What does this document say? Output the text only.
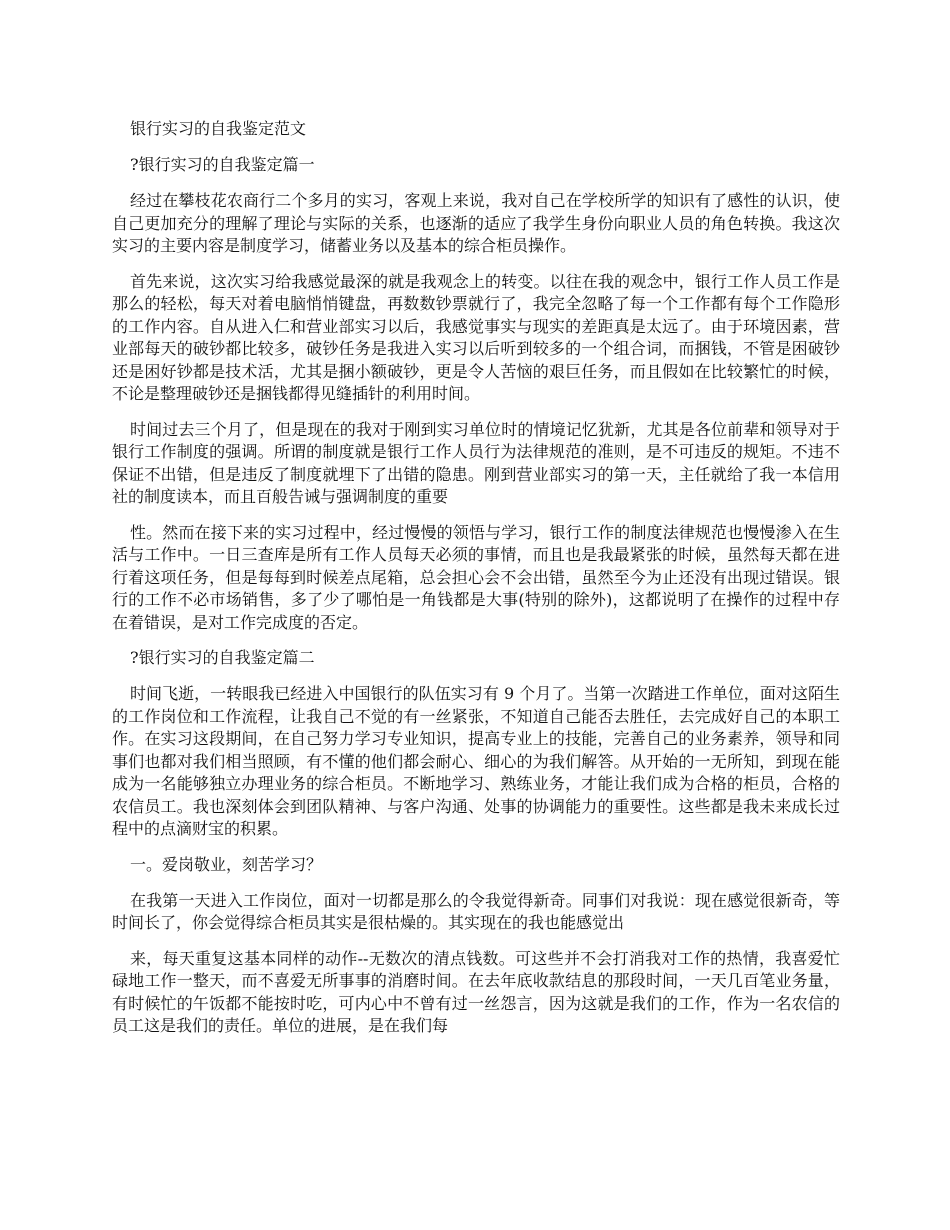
银行实习的自我鉴定范文

?银行实习的自我鉴定篇一

经过在攀枝花农商行二个多月的实习，客观上来说，我对自己在学校所学的知识有了感性的认识，使自己更加充分的理解了理论与实际的关系，也逐渐的适应了我学生身份向职业人员的角色转换。我这次实习的主要内容是制度学习，储蓄业务以及基本的综合柜员操作。

首先来说，这次实习给我感觉最深的就是我观念上的转变。以往在我的观念中，银行工作人员工作是那么的轻松，每天对着电脑悄悄键盘，再数数钞票就行了，我完全忽略了每一个工作都有每个工作隐形的工作内容。自从进入仁和营业部实习以后，我感觉事实与现实的差距真是太远了。由于环境因素，营业部每天的破钞都比较多，破钞任务是我进入实习以后听到较多的一个组合词，而捆钱，不管是困破钞还是困好钞都是技术活，尤其是捆小额破钞，更是令人苦恼的艰巨任务，而且假如在比较繁忙的时候，不论是整理破钞还是捆钱都得见缝插针的利用时间。

时间过去三个月了，但是现在的我对于刚到实习单位时的情境记忆犹新，尤其是各位前辈和领导对于银行工作制度的强调。所谓的制度就是银行工作人员行为法律规范的准则，是不可违反的规矩。不违不保证不出错，但是违反了制度就埋下了出错的隐患。刚到营业部实习的第一天，主任就给了我一本信用社的制度读本，而且百般告诫与强调制度的重要

性。然而在接下来的实习过程中，经过慢慢的领悟与学习，银行工作的制度法律规范也慢慢渗入在生活与工作中。一日三查库是所有工作人员每天必须的事情，而且也是我最紧张的时候，虽然每天都在进行着这项任务，但是每每到时候差点尾箱，总会担心会不会出错，虽然至今为止还没有出现过错误。银行的工作不必市场销售，多了少了哪怕是一角钱都是大事(特别的除外)，这都说明了在操作的过程中存在着错误，是对工作完成度的否定。

?银行实习的自我鉴定篇二

时间飞逝，一转眼我已经进入中国银行的队伍实习有 9 个月了。当第一次踏进工作单位，面对这陌生的工作岗位和工作流程，让我自己不觉的有一丝紧张，不知道自己能否去胜任，去完成好自己的本职工作。在实习这段期间，在自己努力学习专业知识，提高专业上的技能，完善自己的业务素养，领导和同事们也都对我们相当照顾，有不懂的他们都会耐心、细心的为我们解答。从开始的一无所知，到现在能成为一名能够独立办理业务的综合柜员。不断地学习、熟练业务，才能让我们成为合格的柜员，合格的农信员工。我也深刻体会到团队精神、与客户沟通、处事的协调能力的重要性。这些都是我未来成长过程中的点滴财宝的积累。

一。爱岗敬业，刻苦学习？

在我第一天进入工作岗位，面对一切都是那么的令我觉得新奇。同事们对我说：现在感觉很新奇，等时间长了，你会觉得综合柜员其实是很枯燥的。其实现在的我也能感觉出

来，每天重复这基本同样的动作--无数次的清点钱数。可这些并不会打消我对工作的热情，我喜爱忙碌地工作一整天，而不喜爱无所事事的消磨时间。在去年底收款结息的那段时间，一天几百笔业务量，有时候忙的午饭都不能按时吃，可内心中不曾有过一丝怨言，因为这就是我们的工作，作为一名农信的员工这是我们的责任。单位的进展，是在我们每
